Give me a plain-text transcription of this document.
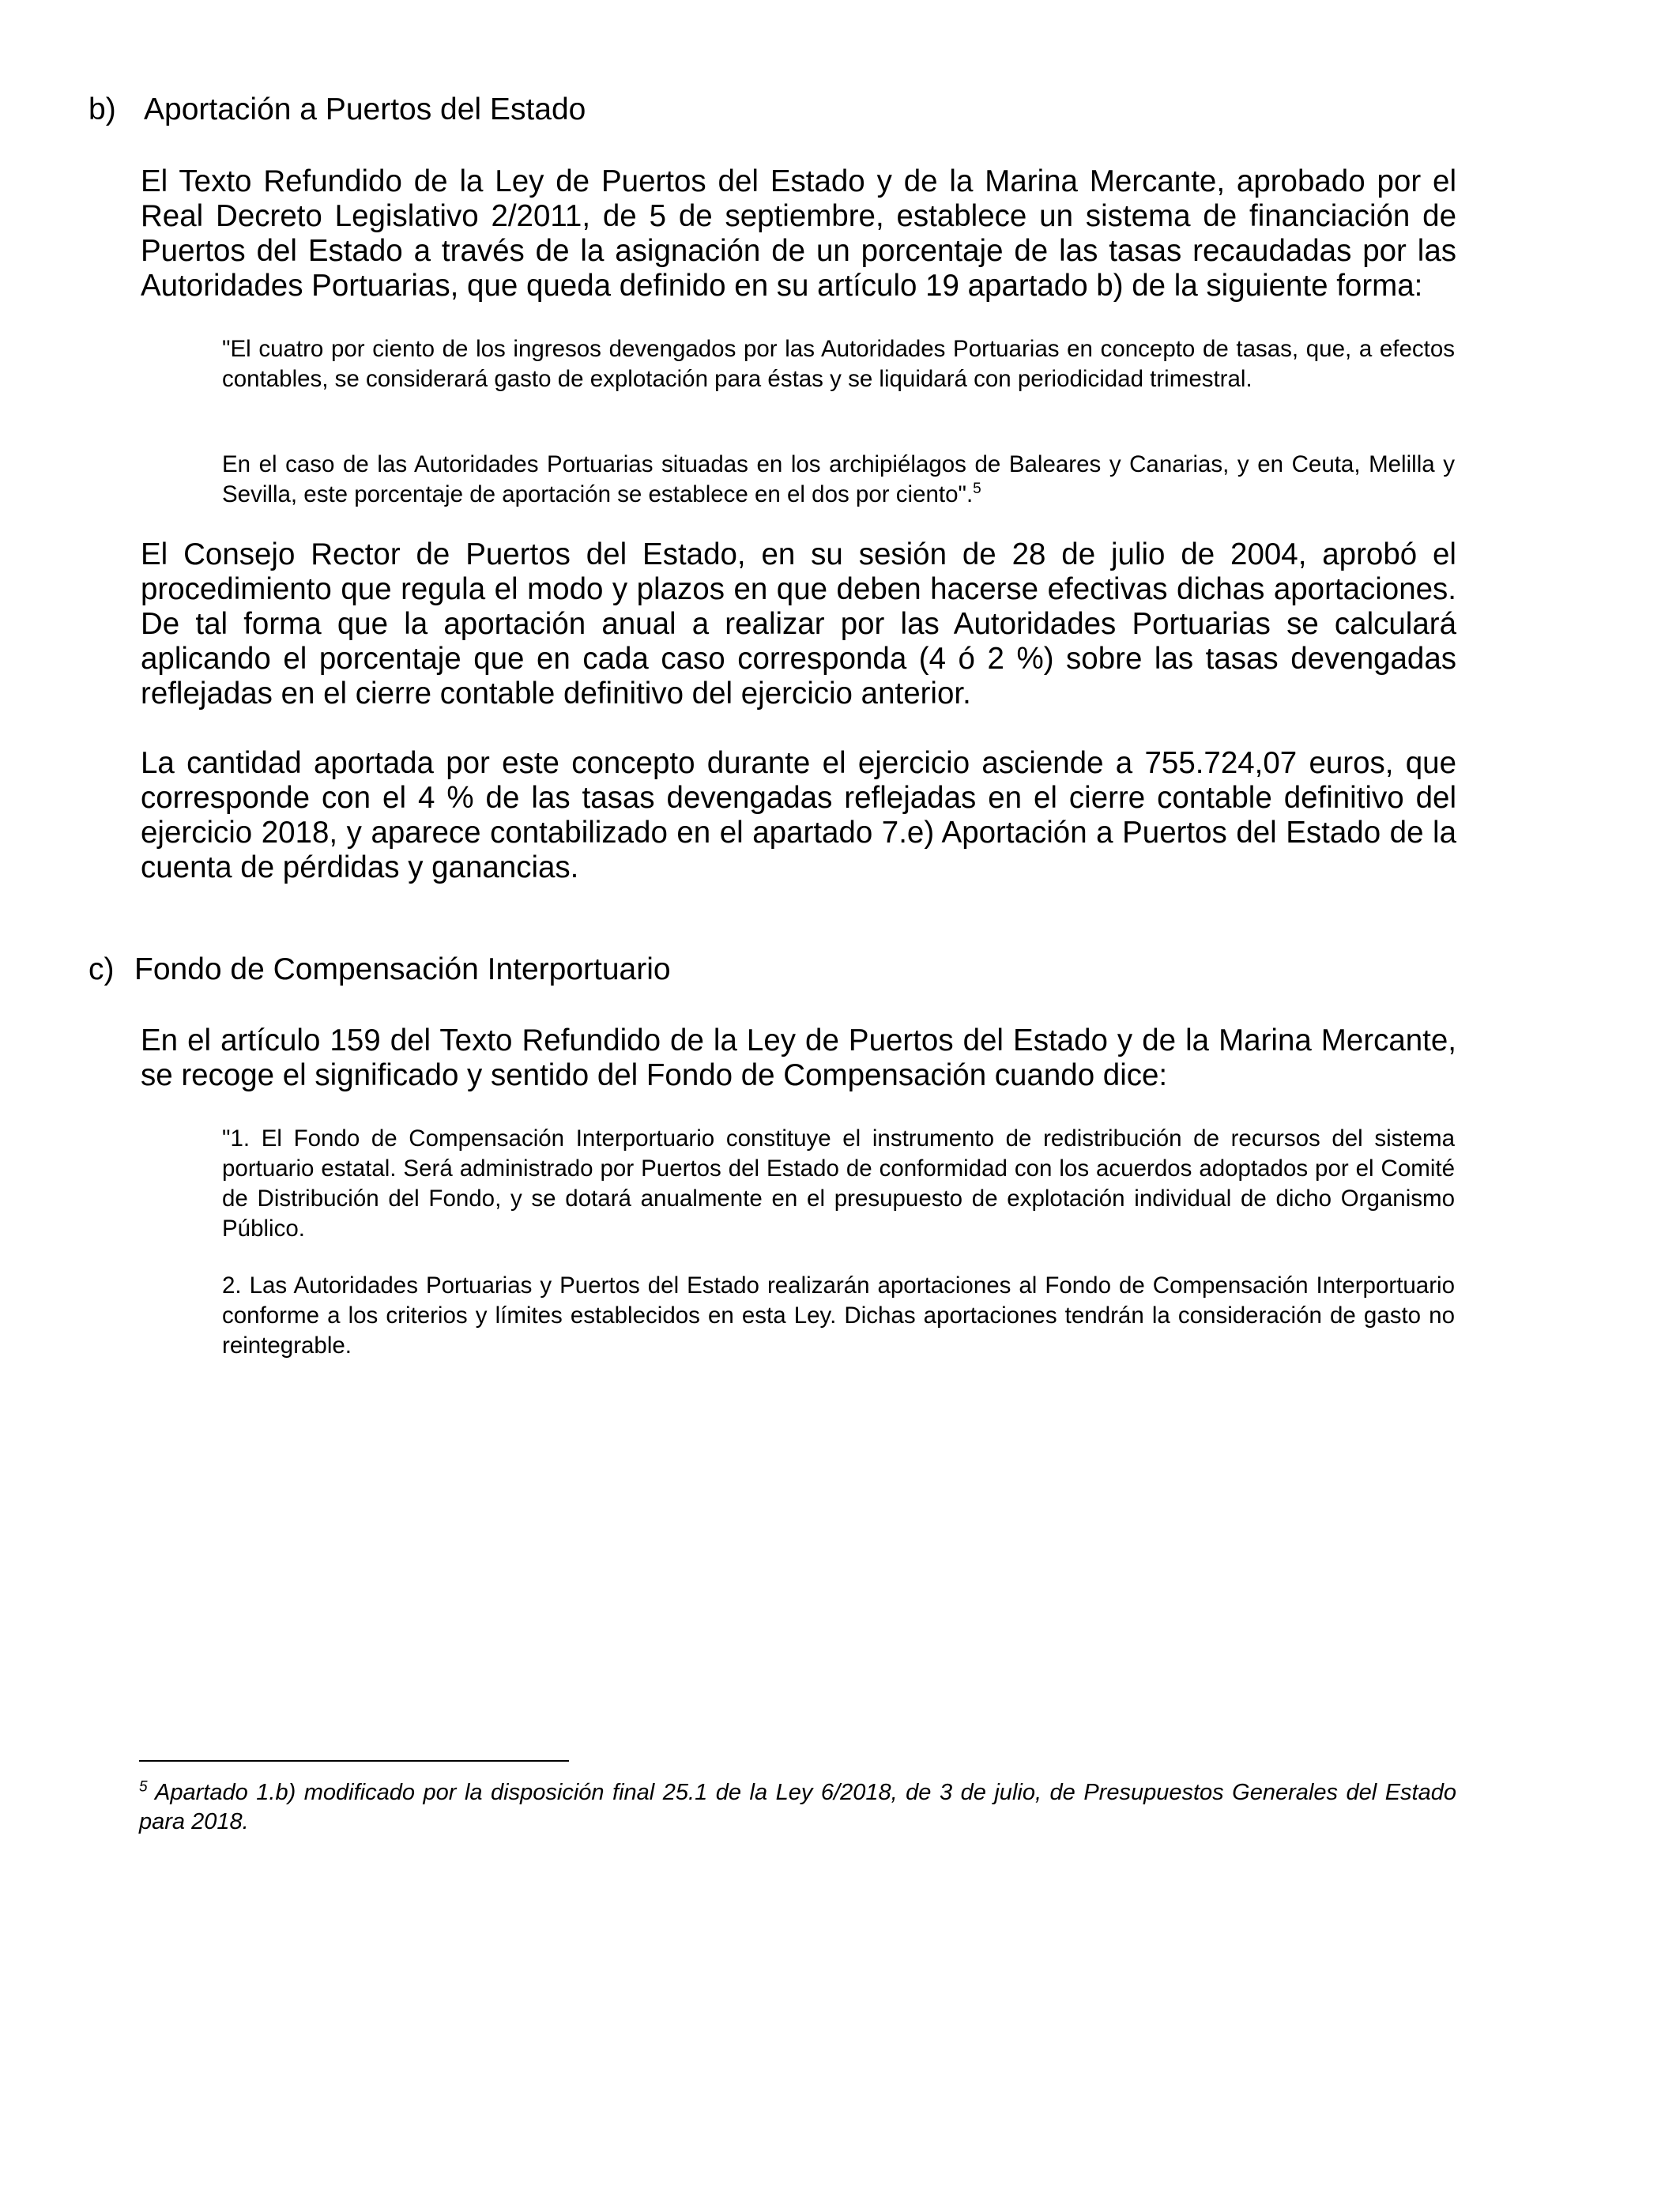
b) Aportación a Puertos del Estado

El Texto Refundido de la Ley de Puertos del Estado y de la Marina Mercante, aprobado por el Real Decreto Legislativo 2/2011, de 5 de septiembre, establece un sistema de financiación de Puertos del Estado a través de la asignación de un porcentaje de las tasas recaudadas por las Autoridades Portuarias, que queda definido en su artículo 19 apartado b) de la siguiente forma:

"El cuatro por ciento de los ingresos devengados por las Autoridades Portuarias en concepto de tasas, que, a efectos contables, se considerará gasto de explotación para éstas y se liquidará con periodicidad trimestral.

En el caso de las Autoridades Portuarias situadas en los archipiélagos de Baleares y Canarias, y en Ceuta, Melilla y Sevilla, este porcentaje de aportación se establece en el dos por ciento".$^5$

El Consejo Rector de Puertos del Estado, en su sesión de 28 de julio de 2004, aprobó el procedimiento que regula el modo y plazos en que deben hacerse efectivas dichas aportaciones. De tal forma que la aportación anual a realizar por las Autoridades Portuarias se calculará aplicando el porcentaje que en cada caso corresponda (4 ó 2 %) sobre las tasas devengadas reflejadas en el cierre contable definitivo del ejercicio anterior.

La cantidad aportada por este concepto durante el ejercicio asciende a 755.724,07 euros, que corresponde con el 4 % de las tasas devengadas reflejadas en el cierre contable definitivo del ejercicio 2018, y aparece contabilizado en el apartado 7.e) Aportación a Puertos del Estado de la cuenta de pérdidas y ganancias.

c) Fondo de Compensación Interportuario

En el artículo 159 del Texto Refundido de la Ley de Puertos del Estado y de la Marina Mercante, se recoge el significado y sentido del Fondo de Compensación cuando dice:

"1. El Fondo de Compensación Interportuario constituye el instrumento de redistribución de recursos del sistema portuario estatal. Será administrado por Puertos del Estado de conformidad con los acuerdos adoptados por el Comité de Distribución del Fondo, y se dotará anualmente en el presupuesto de explotación individual de dicho Organismo Público.

2. Las Autoridades Portuarias y Puertos del Estado realizarán aportaciones al Fondo de Compensación Interportuario conforme a los criterios y límites establecidos en esta Ley. Dichas aportaciones tendrán la consideración de gasto no reintegrable.

$^5$ Apartado 1.b) modificado por la disposición final 25.1 de la Ley 6/2018, de 3 de julio, de Presupuestos Generales del Estado para 2018.
